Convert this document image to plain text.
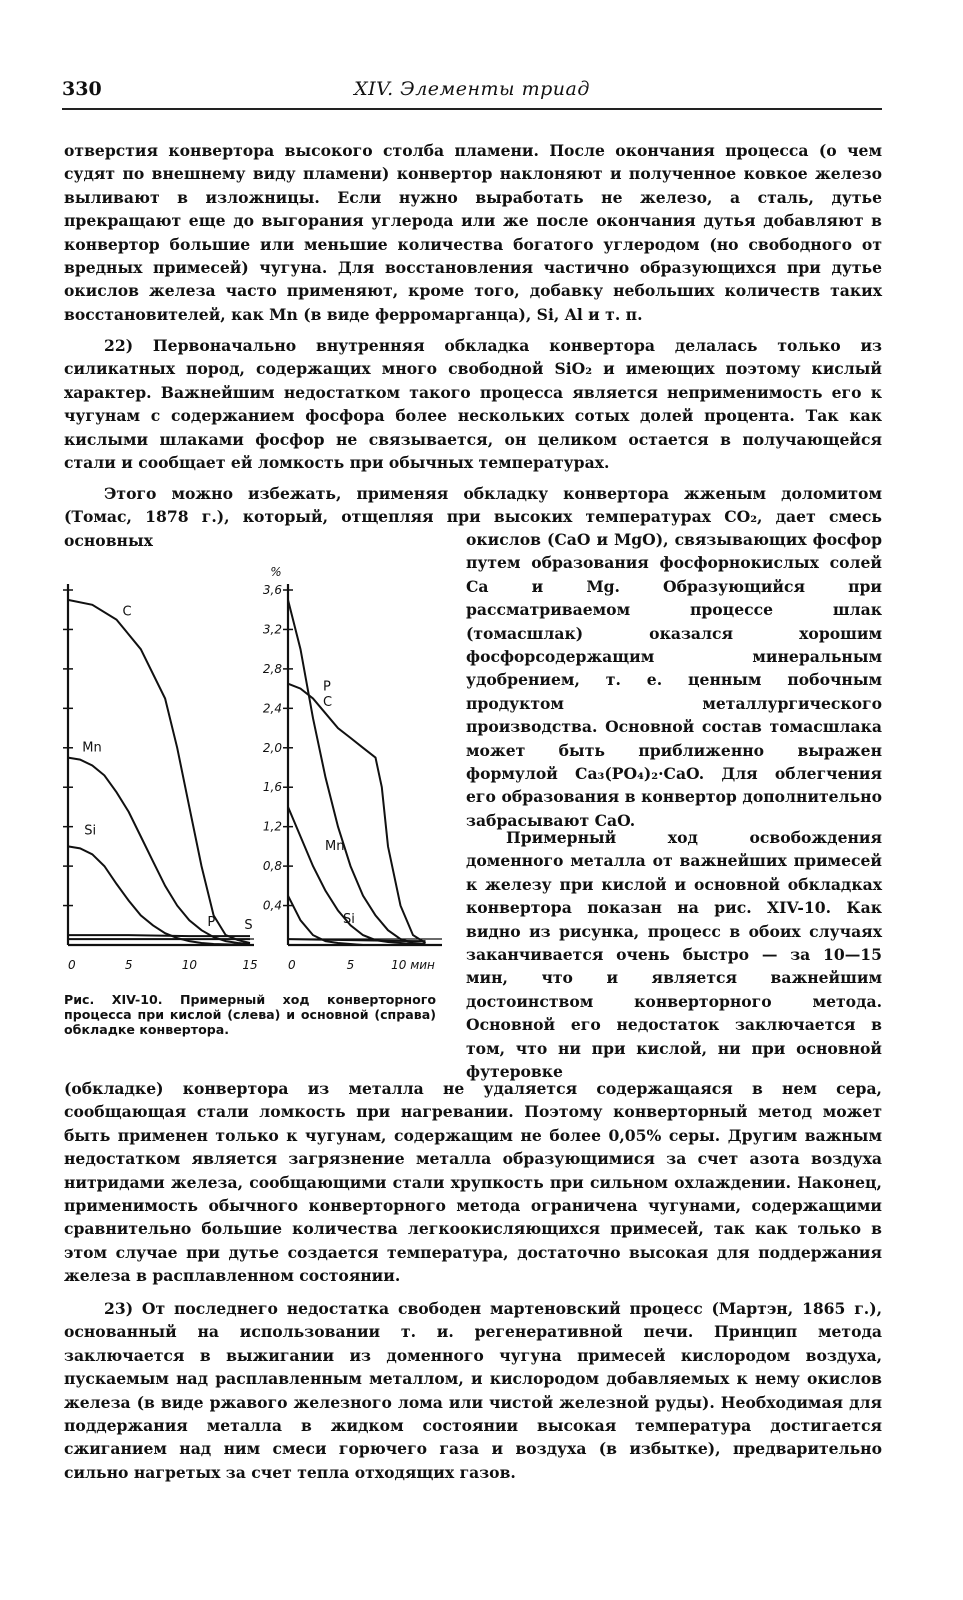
330	XIV. Элементы триад

отверстия конвертора высокого столба пламени. После окончания процесса (о чем судят по внешнему виду пламени) конвертор наклоняют и полученное ковкое железо выливают в изложницы. Если нужно выработать не железо, а сталь, дутье прекращают еще до выгорания углерода или же после окончания дутья добавляют в конвертор большие или меньшие количества богатого углеродом (но свободного от вредных примесей) чугуна. Для восстановления частично образующихся при дутье окислов железа часто применяют, кроме того, добавку небольших количеств таких восстановителей, как Mn (в виде ферромарганца), Si, Al и т. п.

22) Первоначально внутренняя обкладка конвертора делалась только из силикатных пород, содержащих много свободной SiO₂ и имеющих поэтому кислый характер. Важнейшим недостатком такого процесса является неприменимость его к чугунам с содержанием фосфора более нескольких сотых долей процента. Так как кислыми шлаками фосфор не связывается, он целиком остается в получающейся стали и сообщает ей ломкость при обычных температурах.

Этого можно избежать, применяя обкладку конвертора жженым доломитом (Томас, 1878 г.), который, отщепляя при высоких температурах CO₂, дает смесь основных	окислов (CaO и MgO), связывающих фосфор путем образования фосфорнокислых солей Ca и Mg. Образующийся при рассматриваемом процессе шлак (томасшлак) оказался хорошим фосфорсодержащим минеральным удобрением, т. е. ценным побочным продуктом металлургического производства. Основной состав томасшлака может быть приближенно выражен формулой Ca₃(PO₄)₂·CaO. Для облегчения его образования в конвертор дополнительно забрасывают CaO.

Примерный ход освобождения доменного металла от важнейших примесей к железу при кислой и основной обкладках конвертора показан на рис. XIV-10. Как видно из рисунка, процесс в обоих случаях заканчивается очень быстро — за 10—15 мин, что и является важнейшим достоинством конверторного метода. Основной его недостаток заключается в том, что ни при кислой, ни при основной футеровке

(обкладке) конвертора из металла не удаляется содержащаяся в нем сера, сообщающая стали ломкость при нагревании. Поэтому конверторный метод может быть применен только к чугунам, содержащим не более 0,05% серы. Другим важным недостатком является загрязнение металла образующимися за счет азота воздуха нитридами железа, сообщающими стали хрупкость при сильном охлаждении. Наконец, применимость обычного конверторного метода ограничена чугунами, содержащими сравнительно большие количества легкоокисляющихся примесей, так как только в этом случае при дутье создается температура, достаточно высокая для поддержания железа в расплавленном состоянии.

23) От последнего недостатка свободен мартеновский процесс (Мартэн, 1865 г.), основанный на использовании т. и. регенеративной печи. Принцип метода заключается в выжигании из доменного чугуна примесей кислородом воздуха, пускаемым над расплавленным металлом, и кислородом добавляемых к нему окислов железа (в виде ржавого железного лома или чистой железной руды). Необходимая для поддержания металла в жидком состоянии высокая температура достигается сжиганием над ним смеси горючего газа и воздуха (в избытке), предварительно сильно нагретых за счет тепла отходящих газов.

0	5	10	15
C
Mn
Si
P S
3,6
3,2
2,8
2,4
2,0
1,6
1,2
0,8
0,4
%
0	5	10 мин
C
P
Mn
Si
Рис. XIV-10. Примерный ход конверторного процесса при кислой (слева) и основной (справа) обкладке конвертора.
